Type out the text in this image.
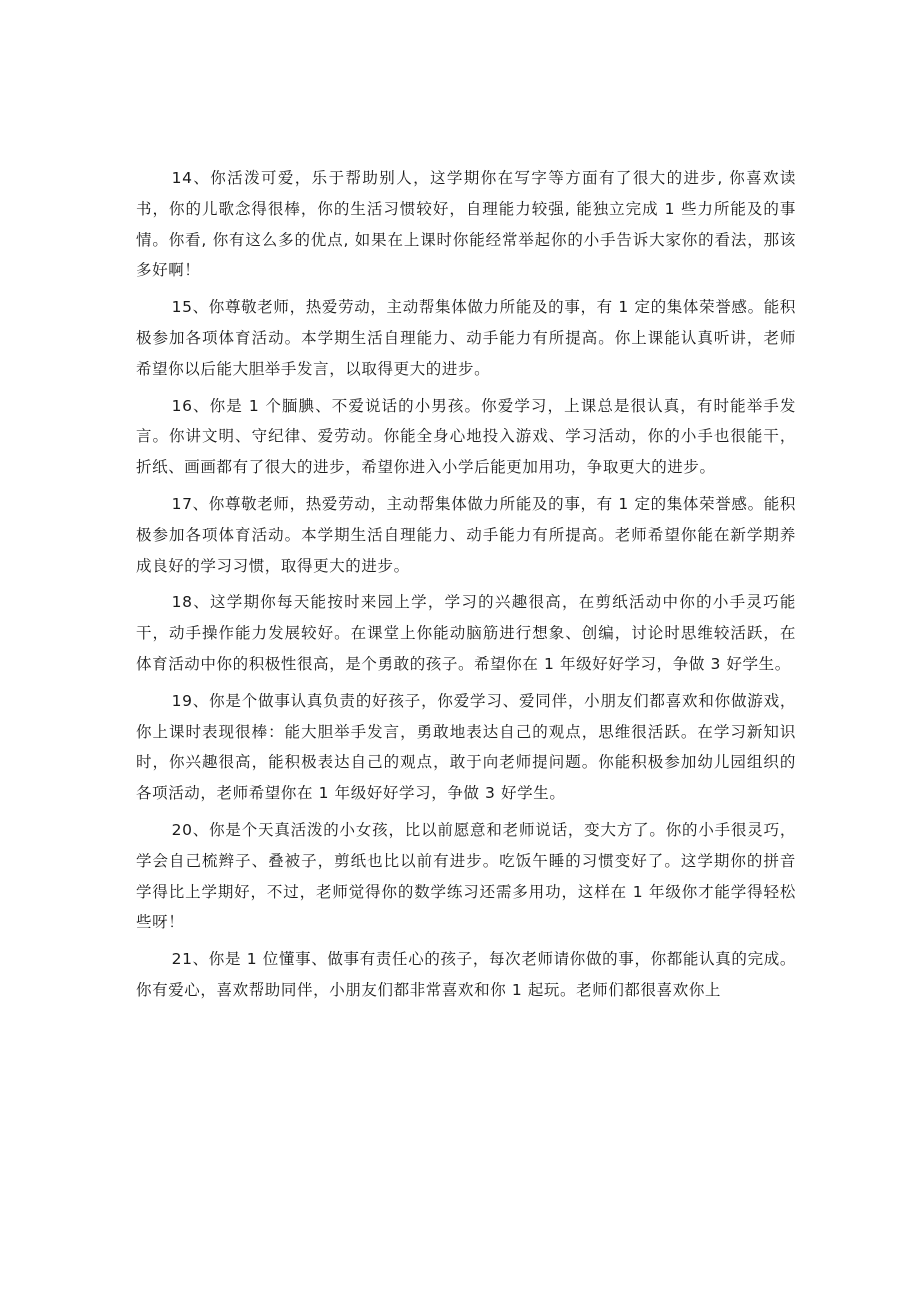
14、你活泼可爱，乐于帮助别人，这学期你在写字等方面有了很大的进步, 你喜欢读书，你的儿歌念得很棒，你的生活习惯较好，自理能力较强, 能独立完成 1 些力所能及的事情。你看, 你有这么多的优点, 如果在上课时你能经常举起你的小手告诉大家你的看法，那该多好啊！

15、你尊敬老师，热爱劳动，主动帮集体做力所能及的事，有 1 定的集体荣誉感。能积极参加各项体育活动。本学期生活自理能力、动手能力有所提高。你上课能认真听讲，老师希望你以后能大胆举手发言，以取得更大的进步。

16、你是 1 个腼腆、不爱说话的小男孩。你爱学习，上课总是很认真，有时能举手发言。你讲文明、守纪律、爱劳动。你能全身心地投入游戏、学习活动，你的小手也很能干，折纸、画画都有了很大的进步，希望你进入小学后能更加用功，争取更大的进步。

17、你尊敬老师，热爱劳动，主动帮集体做力所能及的事，有 1 定的集体荣誉感。能积极参加各项体育活动。本学期生活自理能力、动手能力有所提高。老师希望你能在新学期养成良好的学习习惯，取得更大的进步。

18、这学期你每天能按时来园上学，学习的兴趣很高，在剪纸活动中你的小手灵巧能干，动手操作能力发展较好。在课堂上你能动脑筋进行想象、创编，讨论时思维较活跃，在体育活动中你的积极性很高，是个勇敢的孩子。希望你在 1 年级好好学习，争做 3 好学生。

19、你是个做事认真负责的好孩子，你爱学习、爱同伴，小朋友们都喜欢和你做游戏，你上课时表现很棒：能大胆举手发言，勇敢地表达自己的观点，思维很活跃。在学习新知识时，你兴趣很高，能积极表达自己的观点，敢于向老师提问题。你能积极参加幼儿园组织的各项活动，老师希望你在 1 年级好好学习，争做 3 好学生。

20、你是个天真活泼的小女孩，比以前愿意和老师说话，变大方了。你的小手很灵巧，学会自己梳辫子、叠被子，剪纸也比以前有进步。吃饭午睡的习惯变好了。这学期你的拼音学得比上学期好，不过，老师觉得你的数学练习还需多用功，这样在 1 年级你才能学得轻松些呀！

21、你是 1 位懂事、做事有责任心的孩子，每次老师请你做的事，你都能认真的完成。你有爱心，喜欢帮助同伴，小朋友们都非常喜欢和你 1 起玩。老师们都很喜欢你上
